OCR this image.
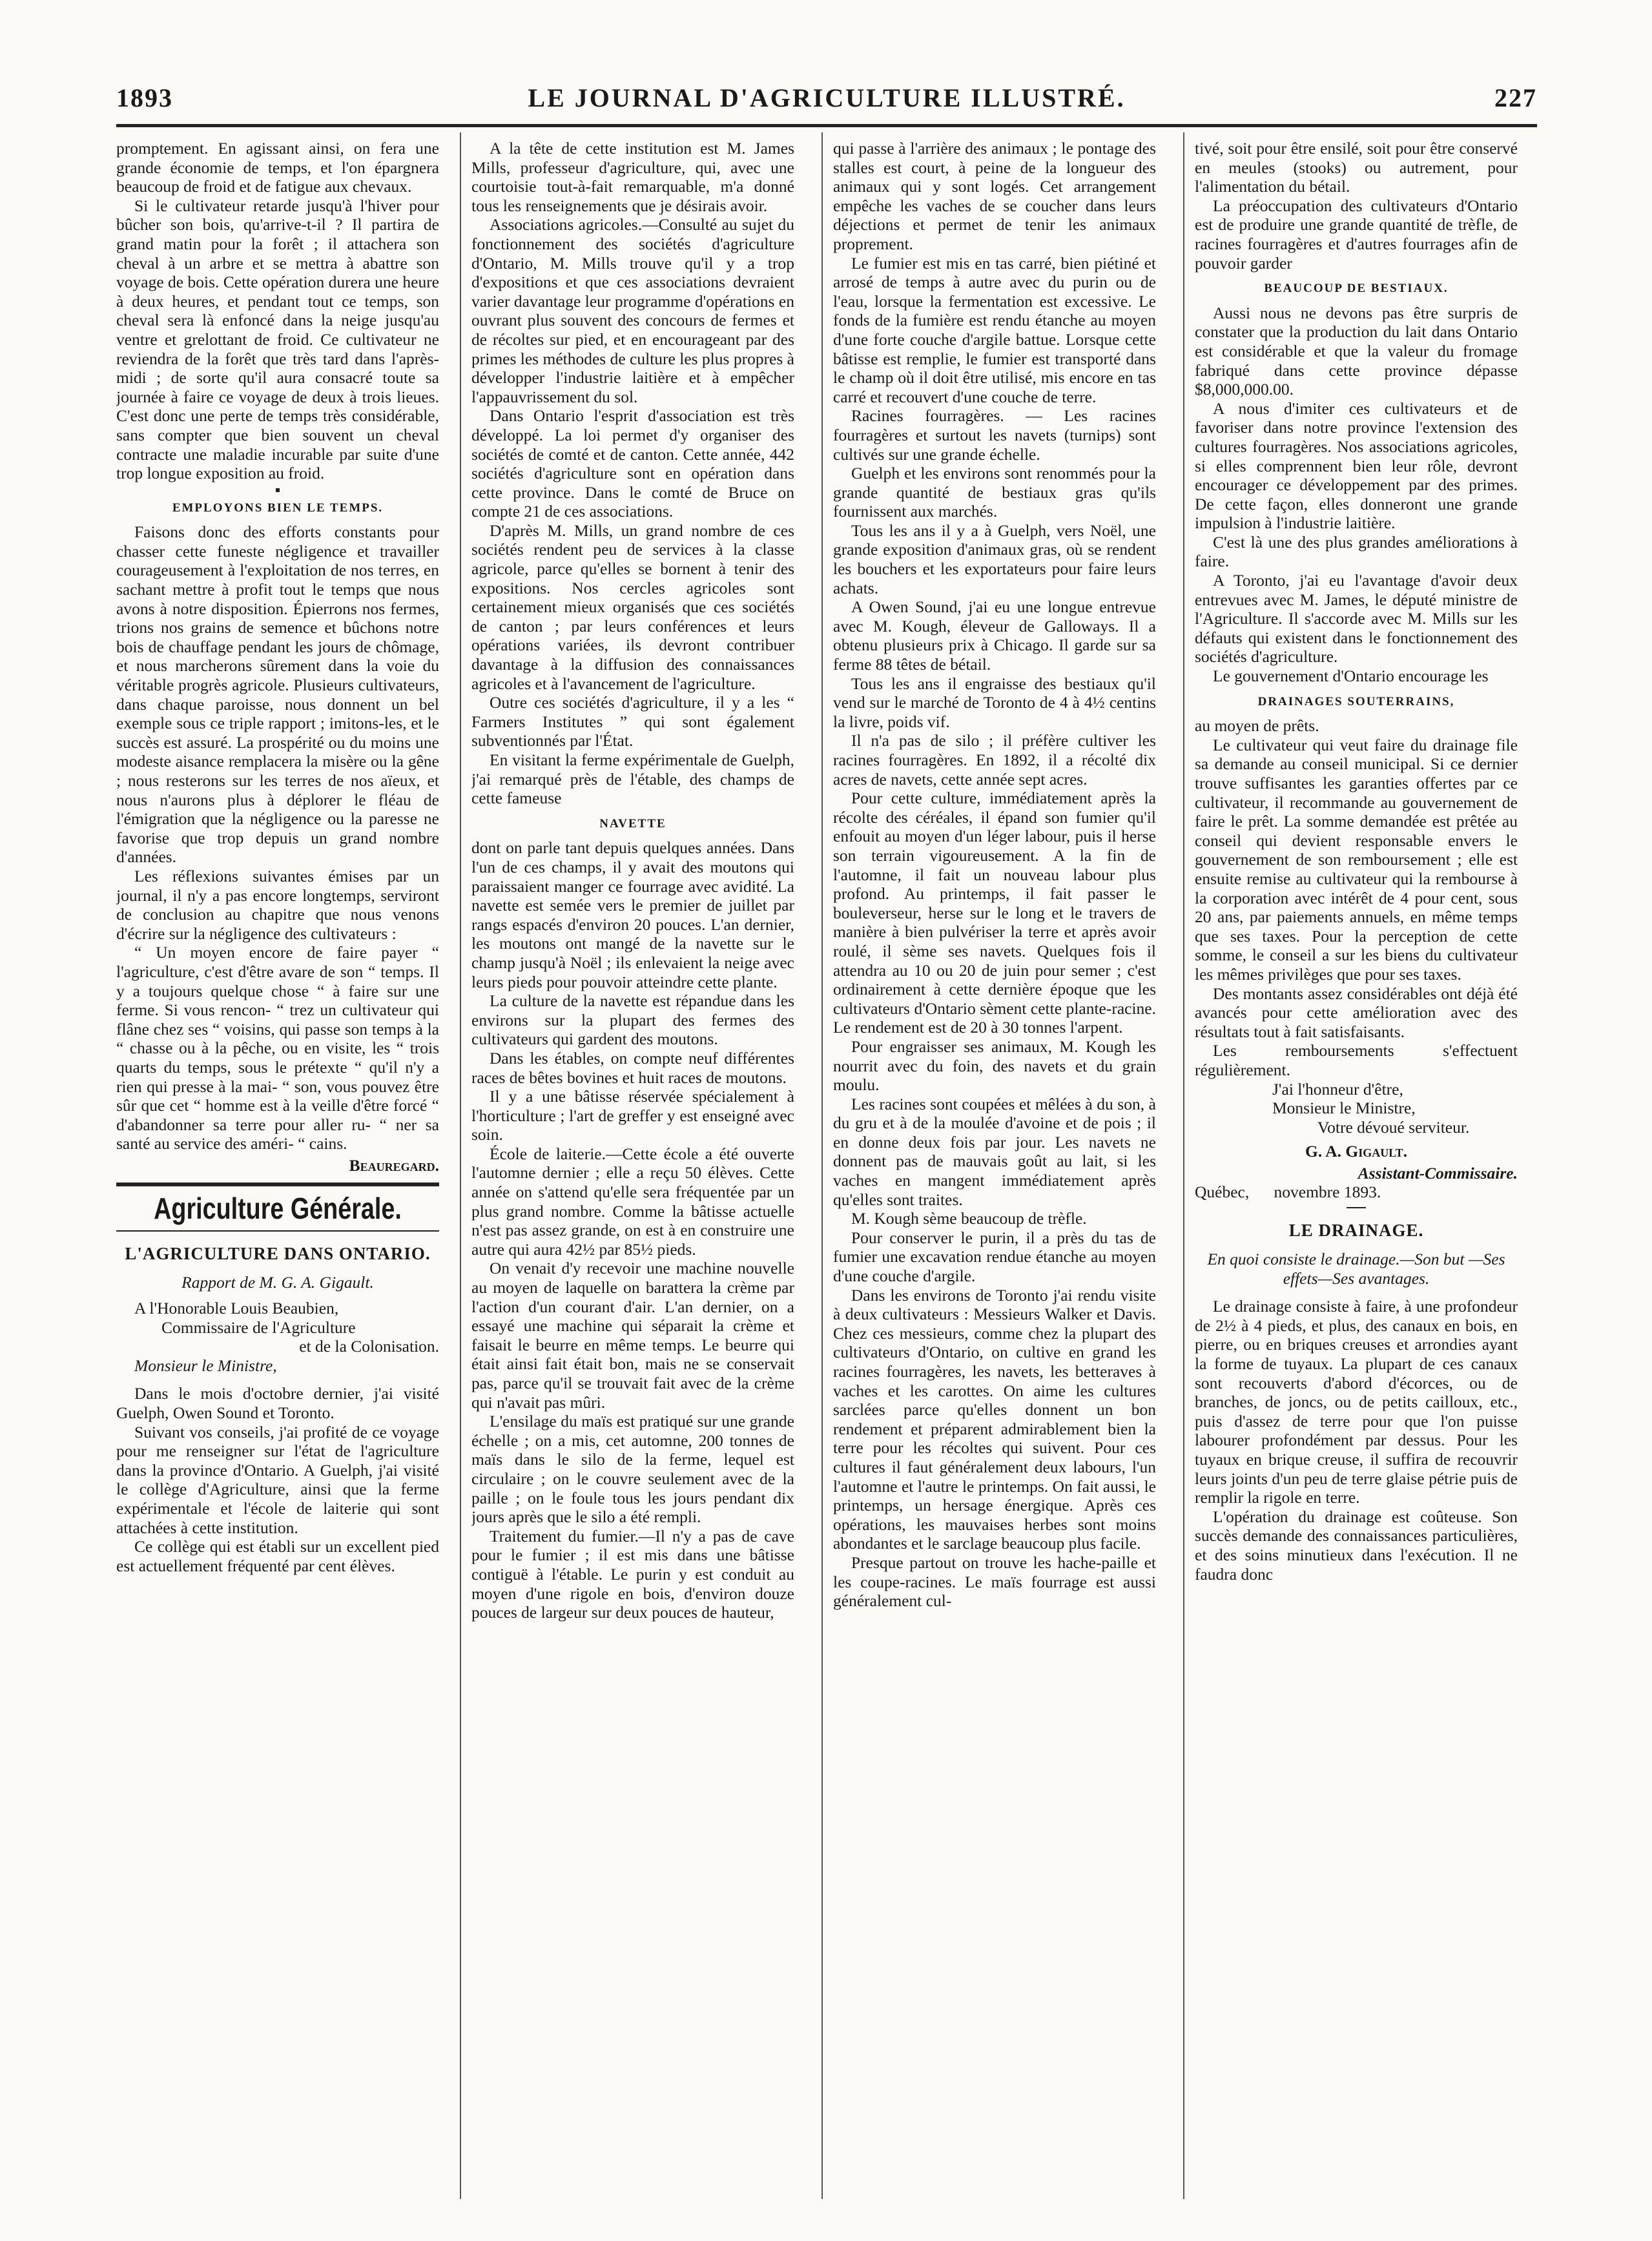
1893	LE JOURNAL D'AGRICULTURE ILLUSTRÉ.	227

promptement. En agissant ainsi, on fera une grande économie de temps, et l'on épargnera beaucoup de froid et de fatigue aux chevaux.

Si le cultivateur retarde jusqu'à l'hiver pour bûcher son bois, qu'arrive-t-il ? Il partira de grand matin pour la forêt ; il attachera son cheval à un arbre et se mettra à abattre son voyage de bois. Cette opération durera une heure à deux heures, et pendant tout ce temps, son cheval sera là enfoncé dans la neige jusqu'au ventre et grelottant de froid. Ce cultivateur ne reviendra de la forêt que très tard dans l'après-midi ; de sorte qu'il aura consacré toute sa journée à faire ce voyage de deux à trois lieues. C'est donc une perte de temps très considérable, sans compter que bien souvent un cheval contracte une maladie incurable par suite d'une trop longue exposition au froid.

EMPLOYONS BIEN LE TEMPS.

Faisons donc des efforts constants pour chasser cette funeste négligence et travailler courageusement à l'exploitation de nos terres, en sachant mettre à profit tout le temps que nous avons à notre disposition. Épierrons nos fermes, trions nos grains de semence et bûchons notre bois de chauffage pendant les jours de chômage, et nous marcherons sûrement dans la voie du véritable progrès agricole. Plusieurs cultivateurs, dans chaque paroisse, nous donnent un bel exemple sous ce triple rapport ; imitons-les, et le succès est assuré. La prospérité ou du moins une modeste aisance remplacera la misère ou la gêne ; nous resterons sur les terres de nos aïeux, et nous n'aurons plus à déplorer le fléau de l'émigration que la négligence ou la paresse ne favorise que trop depuis un grand nombre d'années.

Les réflexions suivantes émises par un journal, il n'y a pas encore longtemps, serviront de conclusion au chapitre que nous venons d'écrire sur la négligence des cultivateurs :

“ Un moyen encore de faire payer “ l'agriculture, c'est d'être avare de son “ temps. Il y a toujours quelque chose “ à faire sur une ferme. Si vous rencon- “ trez un cultivateur qui flâne chez ses “ voisins, qui passe son temps à la “ chasse ou à la pêche, ou en visite, les “ trois quarts du temps, sous le prétexte “ qu'il n'y a rien qui presse à la mai- “ son, vous pouvez être sûr que cet “ homme est à la veille d'être forcé “ d'abandonner sa terre pour aller ru- “ ner sa santé au service des améri- “ cains.

Beauregard.
Agriculture Générale.
L'AGRICULTURE DANS ONTARIO.

Rapport de M. G. A. Gigault.

A l'Honorable Louis Beaubien,

Commissaire de l'Agriculture

et de la Colonisation.

Monsieur le Ministre,

Dans le mois d'octobre dernier, j'ai visité Guelph, Owen Sound et Toronto.

Suivant vos conseils, j'ai profité de ce voyage pour me renseigner sur l'état de l'agriculture dans la province d'Ontario. A Guelph, j'ai visité le collège d'Agriculture, ainsi que la ferme expérimentale et l'école de laiterie qui sont attachées à cette institution.

Ce collège qui est établi sur un excellent pied est actuellement fréquenté par cent élèves.

A la tête de cette institution est M. James Mills, professeur d'agriculture, qui, avec une courtoisie tout-à-fait remarquable, m'a donné tous les renseignements que je désirais avoir.

Associations agricoles.—Consulté au sujet du fonctionnement des sociétés d'agriculture d'Ontario, M. Mills trouve qu'il y a trop d'expositions et que ces associations devraient varier davantage leur programme d'opérations en ouvrant plus souvent des concours de fermes et de récoltes sur pied, et en encourageant par des primes les méthodes de culture les plus propres à développer l'industrie laitière et à empêcher l'appauvrissement du sol.

Dans Ontario l'esprit d'association est très développé. La loi permet d'y organiser des sociétés de comté et de canton. Cette année, 442 sociétés d'agriculture sont en opération dans cette province. Dans le comté de Bruce on compte 21 de ces associations.

D'après M. Mills, un grand nombre de ces sociétés rendent peu de services à la classe agricole, parce qu'elles se bornent à tenir des expositions. Nos cercles agricoles sont certainement mieux organisés que ces sociétés de canton ; par leurs conférences et leurs opérations variées, ils devront contribuer davantage à la diffusion des connaissances agricoles et à l'avancement de l'agriculture.

Outre ces sociétés d'agriculture, il y a les “ Farmers Institutes ” qui sont également subventionnés par l'État.

En visitant la ferme expérimentale de Guelph, j'ai remarqué près de l'étable, des champs de cette fameuse

NAVETTE

dont on parle tant depuis quelques années. Dans l'un de ces champs, il y avait des moutons qui paraissaient manger ce fourrage avec avidité. La navette est semée vers le premier de juillet par rangs espacés d'environ 20 pouces. L'an dernier, les moutons ont mangé de la navette sur le champ jusqu'à Noël ; ils enlevaient la neige avec leurs pieds pour pouvoir atteindre cette plante.

La culture de la navette est répandue dans les environs sur la plupart des fermes des cultivateurs qui gardent des moutons.

Dans les étables, on compte neuf différentes races de bêtes bovines et huit races de moutons.

Il y a une bâtisse réservée spécialement à l'horticulture ; l'art de greffer y est enseigné avec soin.

École de laiterie.—Cette école a été ouverte l'automne dernier ; elle a reçu 50 élèves. Cette année on s'attend qu'elle sera fréquentée par un plus grand nombre. Comme la bâtisse actuelle n'est pas assez grande, on est à en construire une autre qui aura 42½ par 85½ pieds.

On venait d'y recevoir une machine nouvelle au moyen de laquelle on barattera la crème par l'action d'un courant d'air. L'an dernier, on a essayé une machine qui séparait la crème et faisait le beurre en même temps. Le beurre qui était ainsi fait était bon, mais ne se conservait pas, parce qu'il se trouvait fait avec de la crème qui n'avait pas mûri.

L'ensilage du maïs est pratiqué sur une grande échelle ; on a mis, cet automne, 200 tonnes de maïs dans le silo de la ferme, lequel est circulaire ; on le couvre seulement avec de la paille ; on le foule tous les jours pendant dix jours après que le silo a été rempli.

Traitement du fumier.—Il n'y a pas de cave pour le fumier ; il est mis dans une bâtisse contiguë à l'étable. Le purin y est conduit au moyen d'une rigole en bois, d'environ douze pouces de largeur sur deux pouces de hauteur,

qui passe à l'arrière des animaux ; le pontage des stalles est court, à peine de la longueur des animaux qui y sont logés. Cet arrangement empêche les vaches de se coucher dans leurs déjections et permet de tenir les animaux proprement.

Le fumier est mis en tas carré, bien piétiné et arrosé de temps à autre avec du purin ou de l'eau, lorsque la fermentation est excessive. Le fonds de la fumière est rendu étanche au moyen d'une forte couche d'argile battue. Lorsque cette bâtisse est remplie, le fumier est transporté dans le champ où il doit être utilisé, mis encore en tas carré et recouvert d'une couche de terre.

Racines fourragères. — Les racines fourragères et surtout les navets (turnips) sont cultivés sur une grande échelle.

Guelph et les environs sont renommés pour la grande quantité de bestiaux gras qu'ils fournissent aux marchés.

Tous les ans il y a à Guelph, vers Noël, une grande exposition d'animaux gras, où se rendent les bouchers et les exportateurs pour faire leurs achats.

A Owen Sound, j'ai eu une longue entrevue avec M. Kough, éleveur de Galloways. Il a obtenu plusieurs prix à Chicago. Il garde sur sa ferme 88 têtes de bétail.

Tous les ans il engraisse des bestiaux qu'il vend sur le marché de Toronto de 4 à 4½ centins la livre, poids vif.

Il n'a pas de silo ; il préfère cultiver les racines fourragères. En 1892, il a récolté dix acres de navets, cette année sept acres.

Pour cette culture, immédiatement après la récolte des céréales, il épand son fumier qu'il enfouit au moyen d'un léger labour, puis il herse son terrain vigoureusement. A la fin de l'automne, il fait un nouveau labour plus profond. Au printemps, il fait passer le bouleverseur, herse sur le long et le travers de manière à bien pulvériser la terre et après avoir roulé, il sème ses navets. Quelques fois il attendra au 10 ou 20 de juin pour semer ; c'est ordinairement à cette dernière époque que les cultivateurs d'Ontario sèment cette plante-racine. Le rendement est de 20 à 30 tonnes l'arpent.

Pour engraisser ses animaux, M. Kough les nourrit avec du foin, des navets et du grain moulu.

Les racines sont coupées et mêlées à du son, à du gru et à de la moulée d'avoine et de pois ; il en donne deux fois par jour. Les navets ne donnent pas de mauvais goût au lait, si les vaches en mangent immédiatement après qu'elles sont traites.

M. Kough sème beaucoup de trèfle.

Pour conserver le purin, il a près du tas de fumier une excavation rendue étanche au moyen d'une couche d'argile.

Dans les environs de Toronto j'ai rendu visite à deux cultivateurs : Messieurs Walker et Davis. Chez ces messieurs, comme chez la plupart des cultivateurs d'Ontario, on cultive en grand les racines fourragères, les navets, les betteraves à vaches et les carottes. On aime les cultures sarclées parce qu'elles donnent un bon rendement et préparent admirablement bien la terre pour les récoltes qui suivent. Pour ces cultures il faut généralement deux labours, l'un l'automne et l'autre le printemps. On fait aussi, le printemps, un hersage énergique. Après ces opérations, les mauvaises herbes sont moins abondantes et le sarclage beaucoup plus facile.

Presque partout on trouve les hache-paille et les coupe-racines. Le maïs fourrage est aussi généralement cul-

tivé, soit pour être ensilé, soit pour être conservé en meules (stooks) ou autrement, pour l'alimentation du bétail.

La préoccupation des cultivateurs d'Ontario est de produire une grande quantité de trèfle, de racines fourragères et d'autres fourrages afin de pouvoir garder

BEAUCOUP DE BESTIAUX.

Aussi nous ne devons pas être surpris de constater que la production du lait dans Ontario est considérable et que la valeur du fromage fabriqué dans cette province dépasse $8,000,000.00.

A nous d'imiter ces cultivateurs et de favoriser dans notre province l'extension des cultures fourragères. Nos associations agricoles, si elles comprennent bien leur rôle, devront encourager ce développement par des primes. De cette façon, elles donneront une grande impulsion à l'industrie laitière.

C'est là une des plus grandes améliorations à faire.

A Toronto, j'ai eu l'avantage d'avoir deux entrevues avec M. James, le député ministre de l'Agriculture. Il s'accorde avec M. Mills sur les défauts qui existent dans le fonctionnement des sociétés d'agriculture.

Le gouvernement d'Ontario encourage les

DRAINAGES SOUTERRAINS,

au moyen de prêts.

Le cultivateur qui veut faire du drainage file sa demande au conseil municipal. Si ce dernier trouve suffisantes les garanties offertes par ce cultivateur, il recommande au gouvernement de faire le prêt. La somme demandée est prêtée au conseil qui devient responsable envers le gouvernement de son remboursement ; elle est ensuite remise au cultivateur qui la rembourse à la corporation avec intérêt de 4 pour cent, sous 20 ans, par paiements annuels, en même temps que ses taxes. Pour la perception de cette somme, le conseil a sur les biens du cultivateur les mêmes privilèges que pour ses taxes.

Des montants assez considérables ont déjà été avancés pour cette amélioration avec des résultats tout à fait satisfaisants.

Les remboursements s'effectuent régulièrement.

J'ai l'honneur d'être,

Monsieur le Ministre,

Votre dévoué serviteur.

G. A. Gigault.

Assistant-Commissaire.

Québec,      novembre 1893.

LE DRAINAGE.

En quoi consiste le drainage.—Son but —Ses effets—Ses avantages.

Le drainage consiste à faire, à une profondeur de 2½ à 4 pieds, et plus, des canaux en bois, en pierre, ou en briques creuses et arrondies ayant la forme de tuyaux. La plupart de ces canaux sont recouverts d'abord d'écorces, ou de branches, de joncs, ou de petits cailloux, etc., puis d'assez de terre pour que l'on puisse labourer profondément par dessus. Pour les tuyaux en brique creuse, il suffira de recouvrir leurs joints d'un peu de terre glaise pétrie puis de remplir la rigole en terre.

L'opération du drainage est coûteuse. Son succès demande des connaissances particulières, et des soins minutieux dans l'exécution. Il ne faudra donc
